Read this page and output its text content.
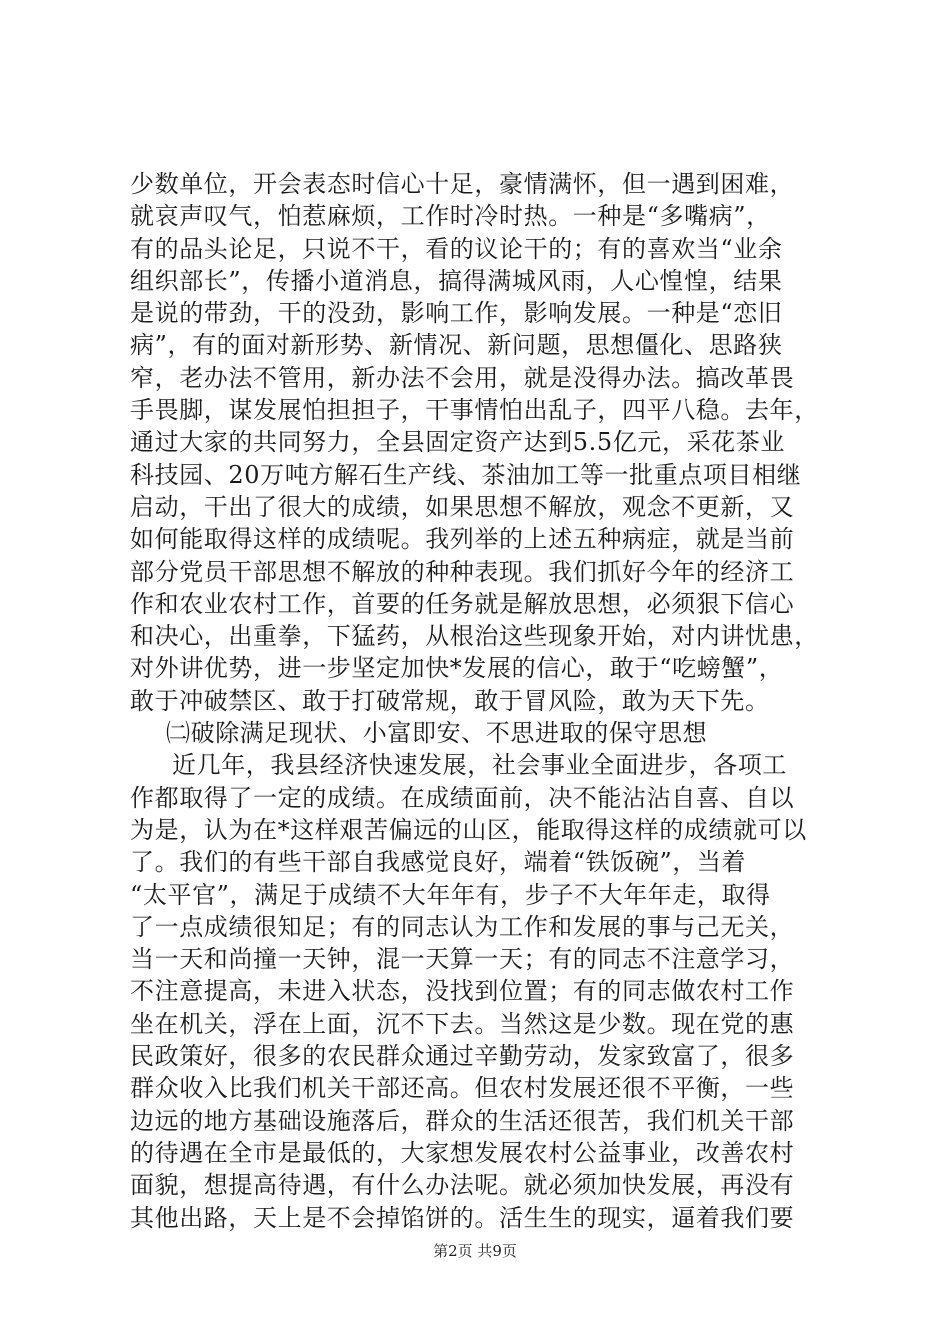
少数单位，开会表态时信心十足，豪情满怀，但一遇到困难，
就哀声叹气，怕惹麻烦，工作时冷时热。一种是“多嘴病”，
有的品头论足，只说不干，看的议论干的；有的喜欢当“业余
组织部长”，传播小道消息，搞得满城风雨，人心惶惶，结果
是说的带劲，干的没劲，影响工作，影响发展。一种是“恋旧
病”，有的面对新形势、新情况、新问题，思想僵化、思路狭
窄，老办法不管用，新办法不会用，就是没得办法。搞改革畏
手畏脚，谋发展怕担担子，干事情怕出乱子，四平八稳。去年，
通过大家的共同努力，全县固定资产达到5.5亿元，采花茶业
科技园、20万吨方解石生产线、茶油加工等一批重点项目相继
启动，干出了很大的成绩，如果思想不解放，观念不更新，又
如何能取得这样的成绩呢。我列举的上述五种病症，就是当前
部分党员干部思想不解放的种种表现。我们抓好今年的经济工
作和农业农村工作，首要的任务就是解放思想，必须狠下信心
和决心，出重拳，下猛药，从根治这些现象开始，对内讲忧患，
对外讲优势，进一步坚定加快*发展的信心，敢于“吃螃蟹”，
敢于冲破禁区、敢于打破常规，敢于冒风险，敢为天下先。
㈡破除满足现状、小富即安、不思进取的保守思想
近几年，我县经济快速发展，社会事业全面进步，各项工
作都取得了一定的成绩。在成绩面前，决不能沾沾自喜、自以
为是，认为在*这样艰苦偏远的山区，能取得这样的成绩就可以
了。我们的有些干部自我感觉良好，端着“铁饭碗”，当着
“太平官”，满足于成绩不大年年有，步子不大年年走，取得
了一点成绩很知足；有的同志认为工作和发展的事与己无关，
当一天和尚撞一天钟，混一天算一天；有的同志不注意学习，
不注意提高，未进入状态，没找到位置；有的同志做农村工作
坐在机关，浮在上面，沉不下去。当然这是少数。现在党的惠
民政策好，很多的农民群众通过辛勤劳动，发家致富了，很多
群众收入比我们机关干部还高。但农村发展还很不平衡，一些
边远的地方基础设施落后，群众的生活还很苦，我们机关干部
的待遇在全市是最低的，大家想发展农村公益事业，改善农村
面貌，想提高待遇，有什么办法呢。就必须加快发展，再没有
其他出路，天上是不会掉馅饼的。活生生的现实，逼着我们要
第2页 共9页
